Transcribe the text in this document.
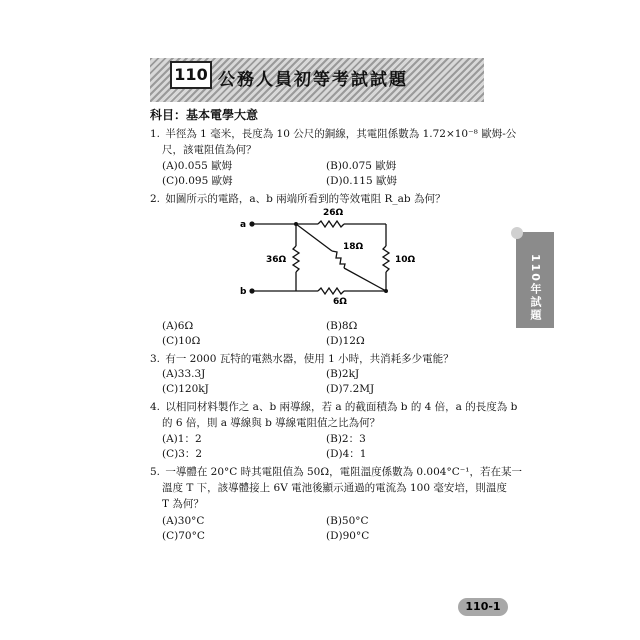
110 公務人員初等考試試題
科目：基本電學大意
1. 半徑為 1 毫米，長度為 10 公尺的銅線，其電阻係數為 1.72×10⁻⁸ 歐姆-公
尺，該電阻值為何？
(A)0.055 歐姆	(B)0.075 歐姆
(C)0.095 歐姆	(D)0.115 歐姆
2. 如圖所示的電路，a、b 兩端所看到的等效電阻 R_ab 為何？
a
b
26Ω
18Ω
36Ω	10Ω
6Ω
(A)6Ω	(B)8Ω
(C)10Ω	(D)12Ω
3. 有一 2000 瓦特的電熱水器，使用 1 小時，共消耗多少電能？
(A)33.3J	(B)2kJ
(C)120kJ	(D)7.2MJ
4. 以相同材料製作之 a、b 兩導線，若 a 的截面積為 b 的 4 倍，a 的長度為 b
的 6 倍，則 a 導線與 b 導線電阻值之比為何？
(A)1：2	(B)2：3
(C)3：2	(D)4：1
5. 一導體在 20°C 時其電阻值為 50Ω，電阻溫度係數為 0.004°C⁻¹，若在某一
溫度 T 下，該導體接上 6V 電池後顯示通過的電流為 100 毫安培，則溫度
T 為何？
(A)30°C	(B)50°C
(C)70°C	(D)90°C
110年試題
110-1
